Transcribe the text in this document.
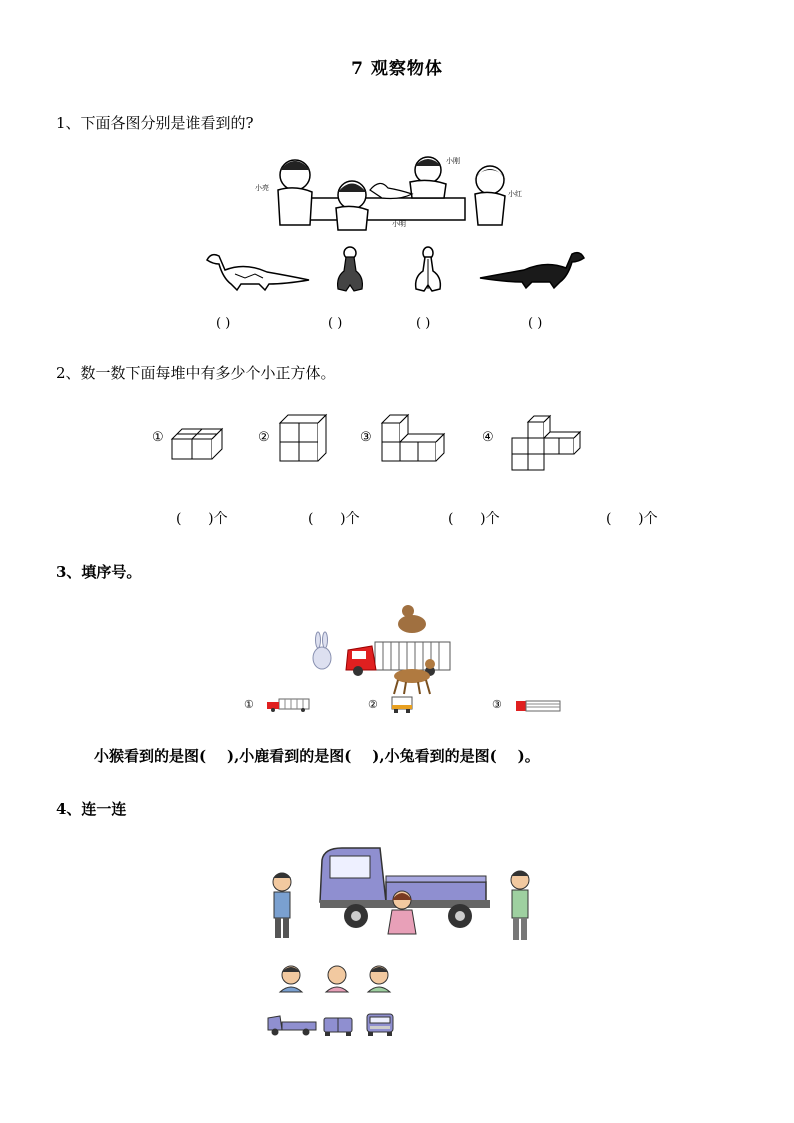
7 观察物体
1、下面各图分别是谁看到的?
小亮
小刚
小红
小明
( )	( )	( )	( )
2、数一数下面每堆中有多少个小正方体。
①	②	③	④
(      )个	(      )个	(      )个	(      )个
3、填序号。
①	②	③
小猴看到的是图(    ),小鹿看到的是图(    ),小兔看到的是图(    )。
4、连一连
